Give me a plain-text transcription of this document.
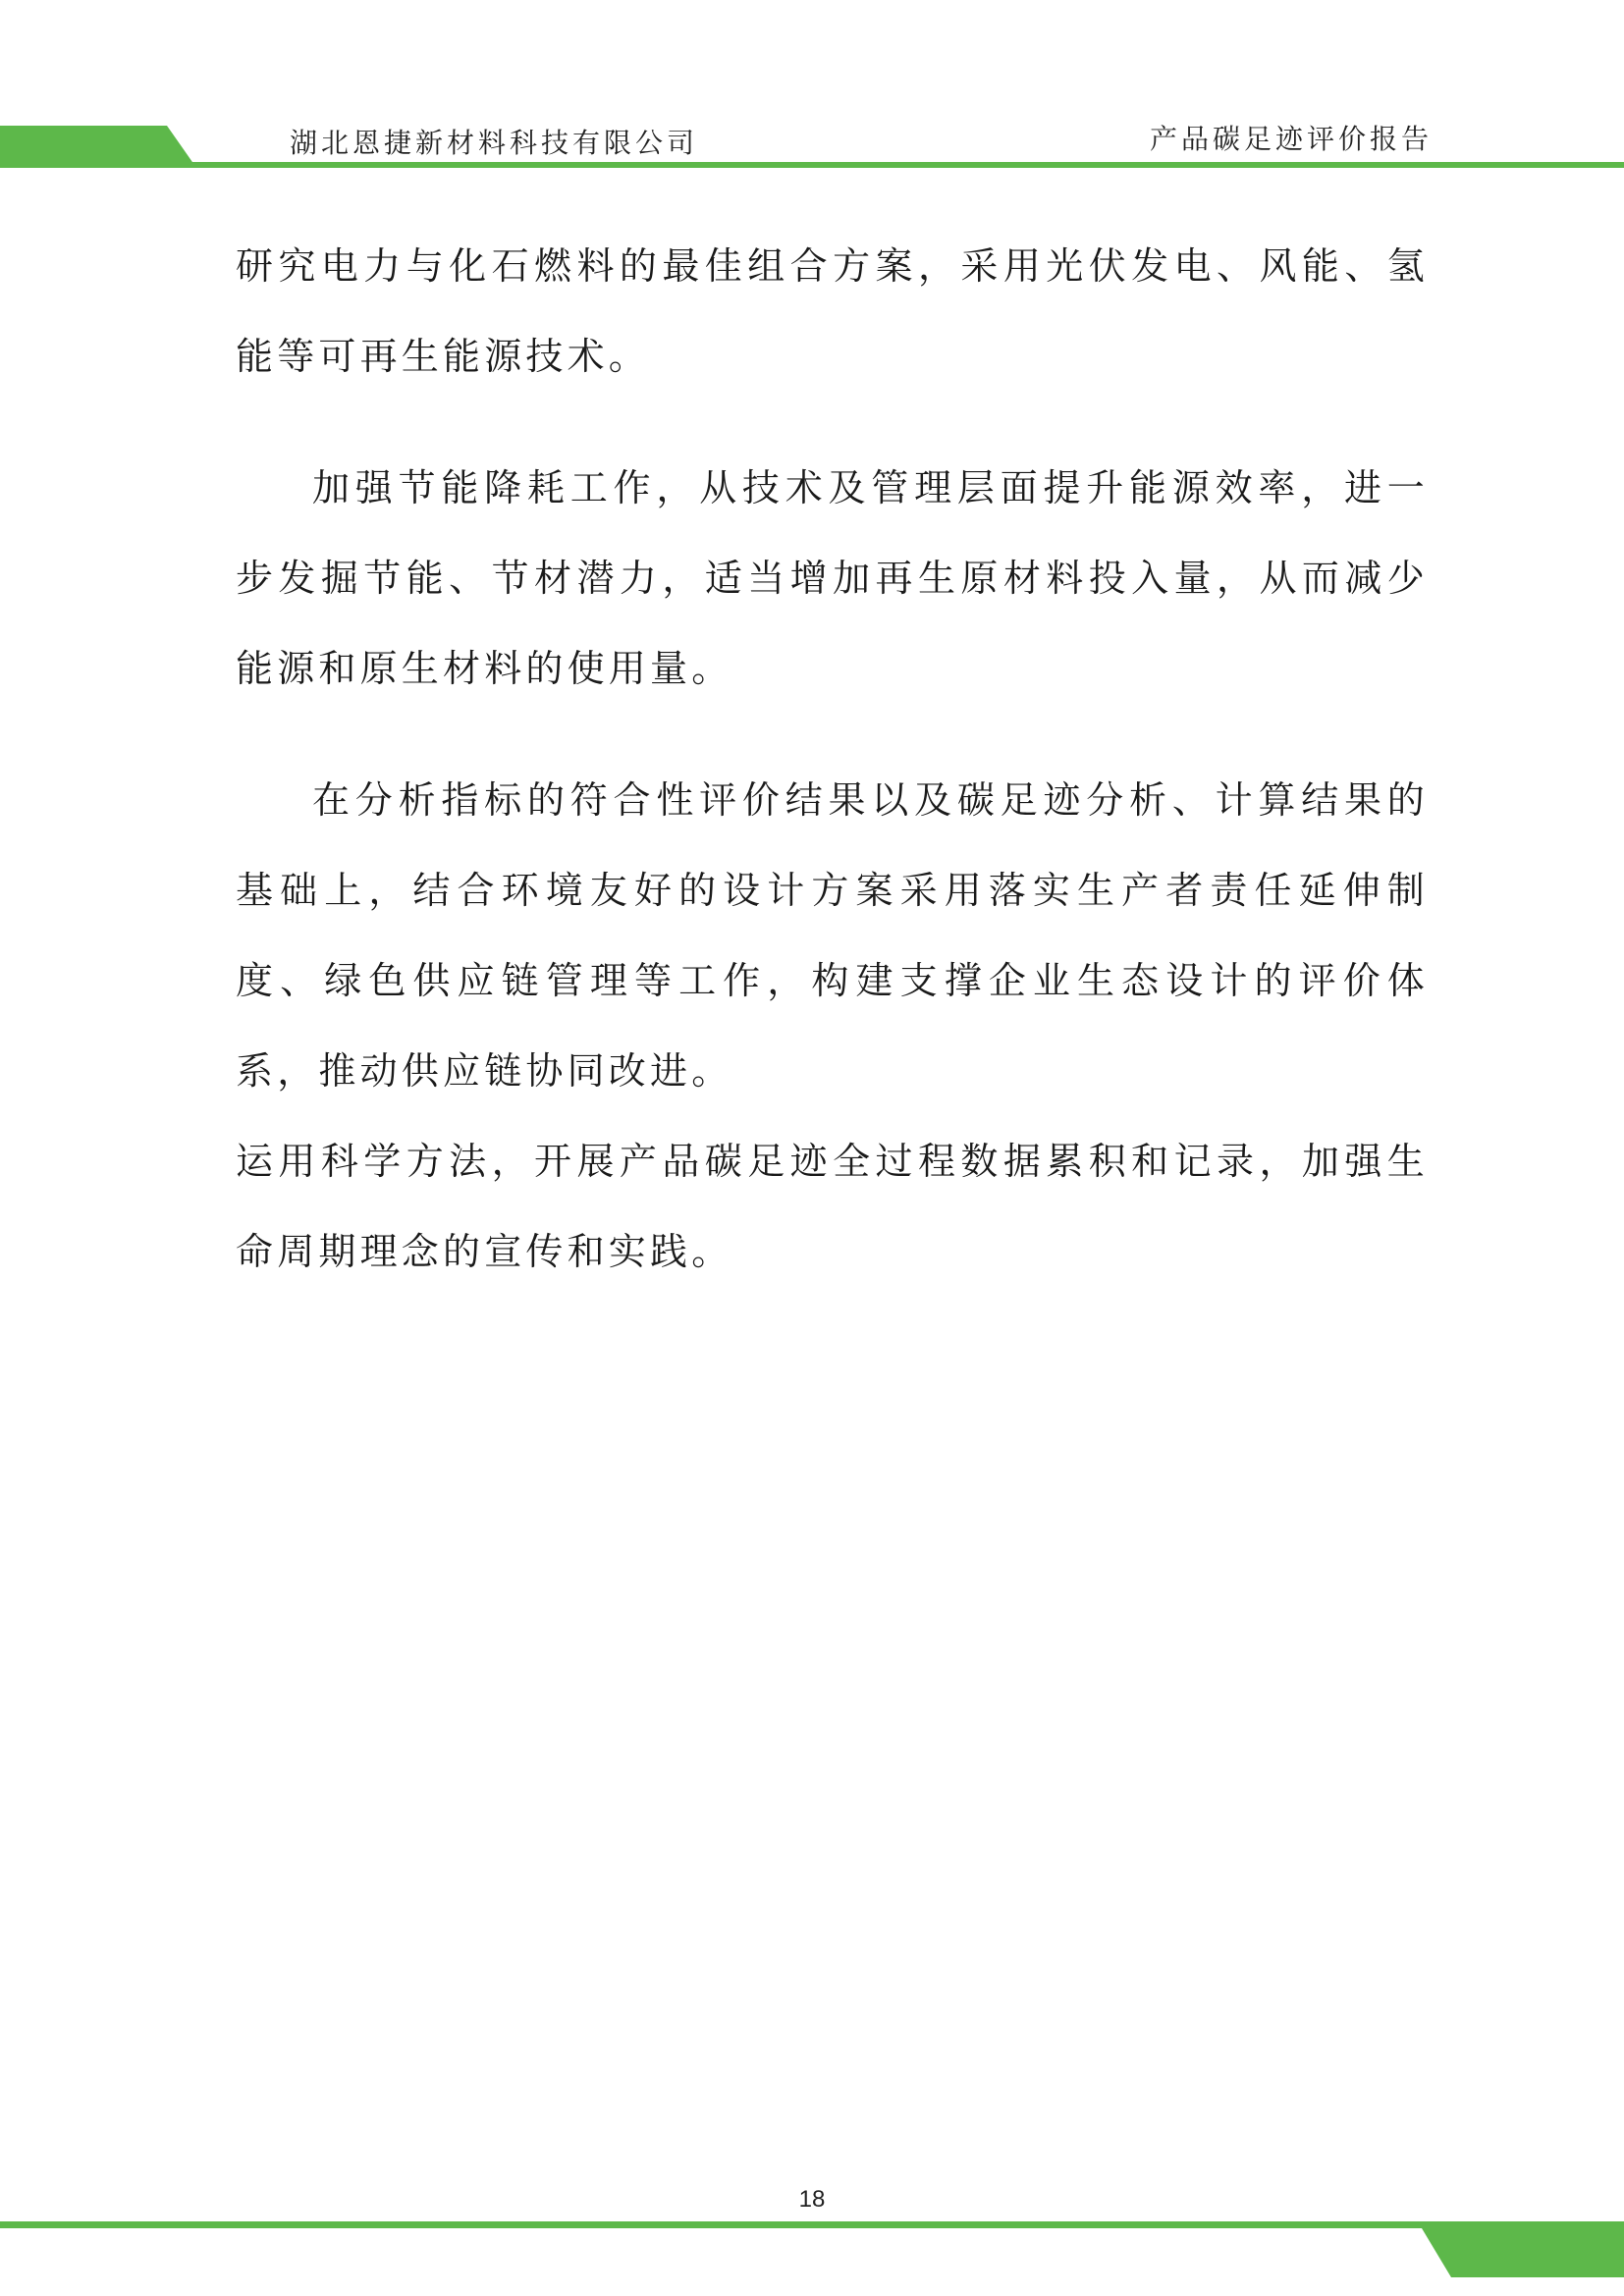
湖北恩捷新材料科技有限公司	产品碳足迹评价报告

研究电力与化石燃料的最佳组合方案，采用光伏发电、风能、氢能等可再生能源技术。

加强节能降耗工作，从技术及管理层面提升能源效率，进一步发掘节能、节材潜力，适当增加再生原材料投入量，从而减少能源和原生材料的使用量。

在分析指标的符合性评价结果以及碳足迹分析、计算结果的基础上，结合环境友好的设计方案采用落实生产者责任延伸制度、绿色供应链管理等工作，构建支撑企业生态设计的评价体系，推动供应链协同改进。

运用科学方法，开展产品碳足迹全过程数据累积和记录，加强生命周期理念的宣传和实践。

18
